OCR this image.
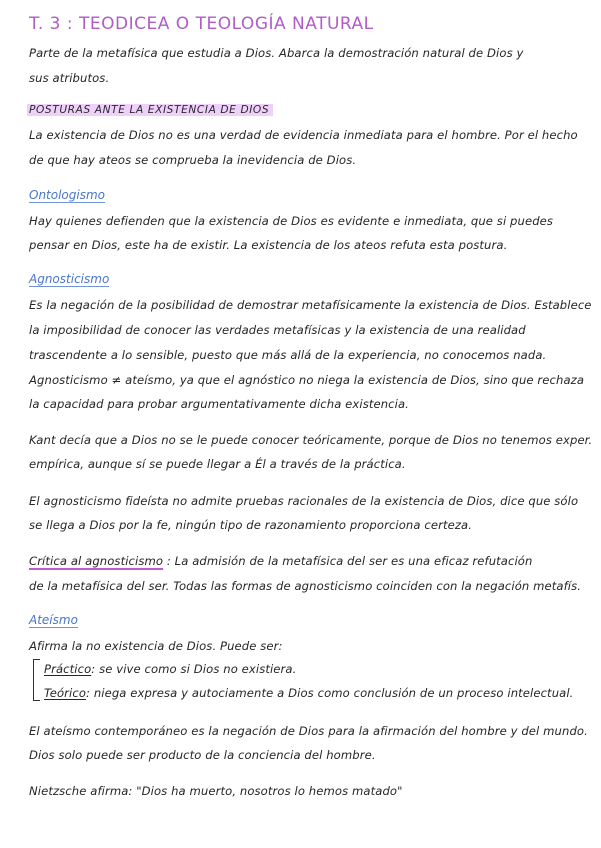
T. 3 : TEODICEA O TEOLOGÍA NATURAL
Parte de la metafísica que estudia a Dios. Abarca la demostración natural de Dios y
sus atributos.
POSTURAS ANTE LA EXISTENCIA DE DIOS
La existencia de Dios no es una verdad de evidencia inmediata para el hombre. Por el hecho
de que hay ateos se comprueba la inevidencia de Dios.
Ontologismo
Hay quienes defienden que la existencia de Dios es evidente e inmediata, que si puedes
pensar en Dios, este ha de existir. La existencia de los ateos refuta esta postura.
Agnosticismo
Es la negación de la posibilidad de demostrar metafísicamente la existencia de Dios. Establece
la imposibilidad de conocer las verdades metafísicas y la existencia de una realidad
trascendente a lo sensible, puesto que más allá de la experiencia, no conocemos nada.
Agnosticismo ≠ ateísmo, ya que el agnóstico no niega la existencia de Dios, sino que rechaza
la capacidad para probar argumentativamente dicha existencia.
Kant decía que a Dios no se le puede conocer teóricamente, porque de Dios no tenemos exper.
empírica, aunque sí se puede llegar a Él a través de la práctica.
El agnosticismo fideísta no admite pruebas racionales de la existencia de Dios, dice que sólo
se llega a Dios por la fe, ningún tipo de razonamiento proporciona certeza.
Crítica al agnosticismo : La admisión de la metafísica del ser es una eficaz refutación
de la metafísica del ser. Todas las formas de agnosticismo coinciden con la negación metafís.
Ateísmo
Afirma la no existencia de Dios. Puede ser:
Práctico: se vive como si Dios no existiera.
Teórico: niega expresa y autociamente a Dios como conclusión de un proceso intelectual.
El ateísmo contemporáneo es la negación de Dios para la afirmación del hombre y del mundo.
Dios solo puede ser producto de la conciencia del hombre.
Nietzsche afirma: "Dios ha muerto, nosotros lo hemos matado"
